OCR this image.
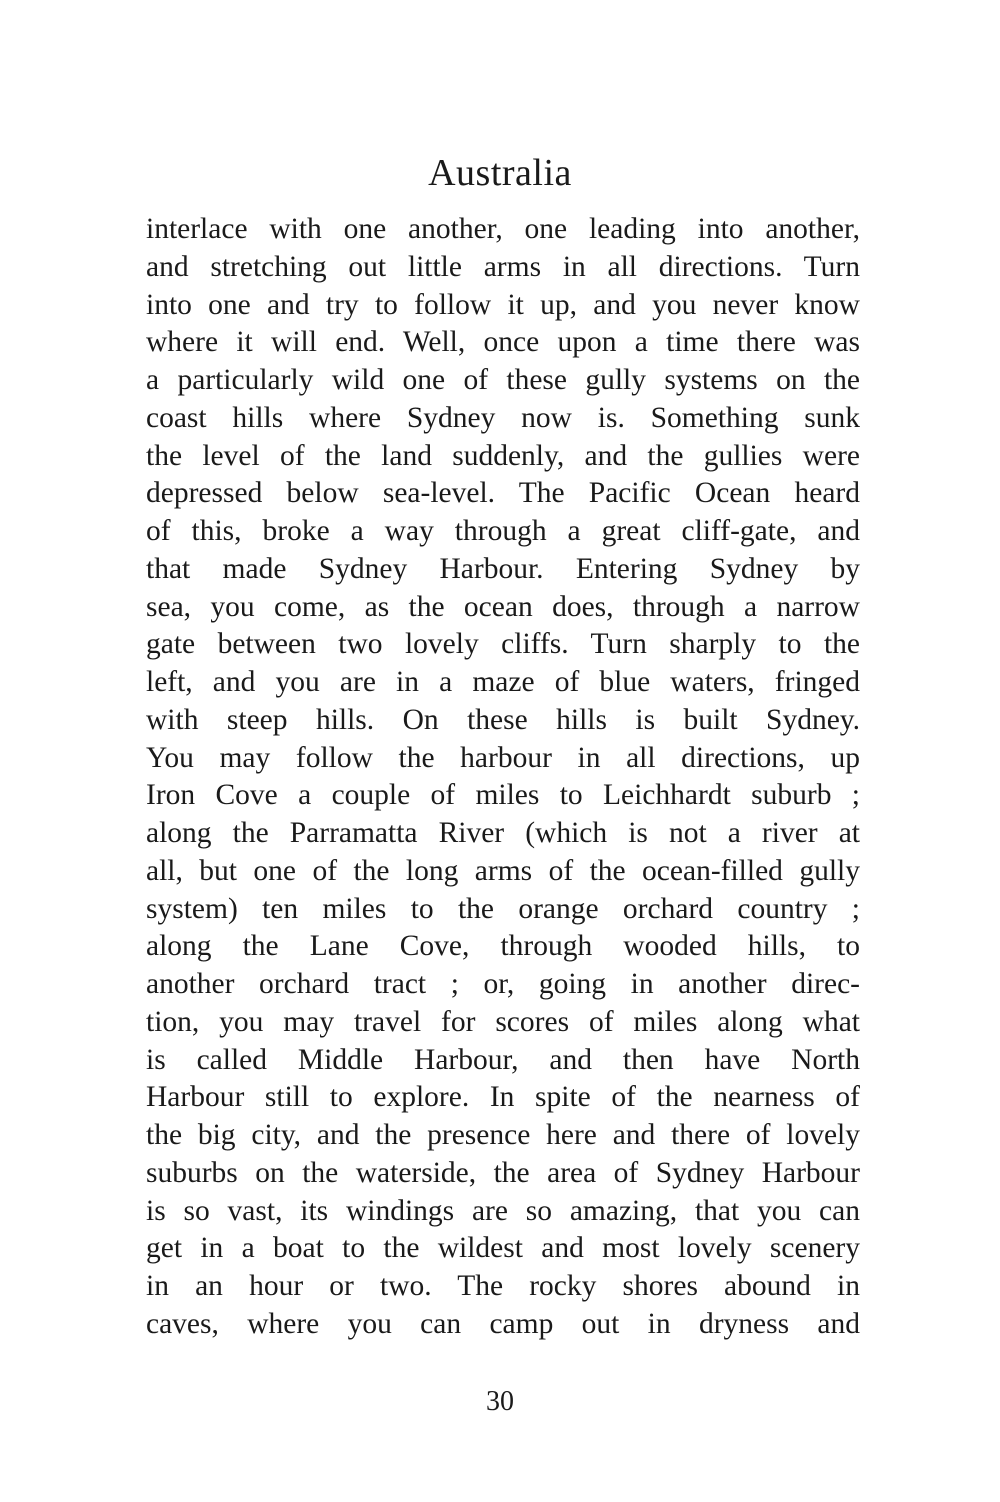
Australia
interlace with one another, one leading into another,
and stretching out little arms in all directions. Turn
into one and try to follow it up, and you never know
where it will end. Well, once upon a time there was
a particularly wild one of these gully systems on the
coast hills where Sydney now is. Something sunk
the level of the land suddenly, and the gullies were
depressed below sea-level. The Pacific Ocean heard
of this, broke a way through a great cliff-gate, and
that made Sydney Harbour. Entering Sydney by
sea, you come, as the ocean does, through a narrow
gate between two lovely cliffs. Turn sharply to the
left, and you are in a maze of blue waters, fringed
with steep hills. On these hills is built Sydney.
You may follow the harbour in all directions, up
Iron Cove a couple of miles to Leichhardt suburb ;
along the Parramatta River (which is not a river at
all, but one of the long arms of the ocean-filled gully
system) ten miles to the orange orchard country ;
along the Lane Cove, through wooded hills, to
another orchard tract ; or, going in another direc-
tion, you may travel for scores of miles along what
is called Middle Harbour, and then have North
Harbour still to explore. In spite of the nearness of
the big city, and the presence here and there of lovely
suburbs on the waterside, the area of Sydney Harbour
is so vast, its windings are so amazing, that you can
get in a boat to the wildest and most lovely scenery
in an hour or two. The rocky shores abound in
caves, where you can camp out in dryness and
30
